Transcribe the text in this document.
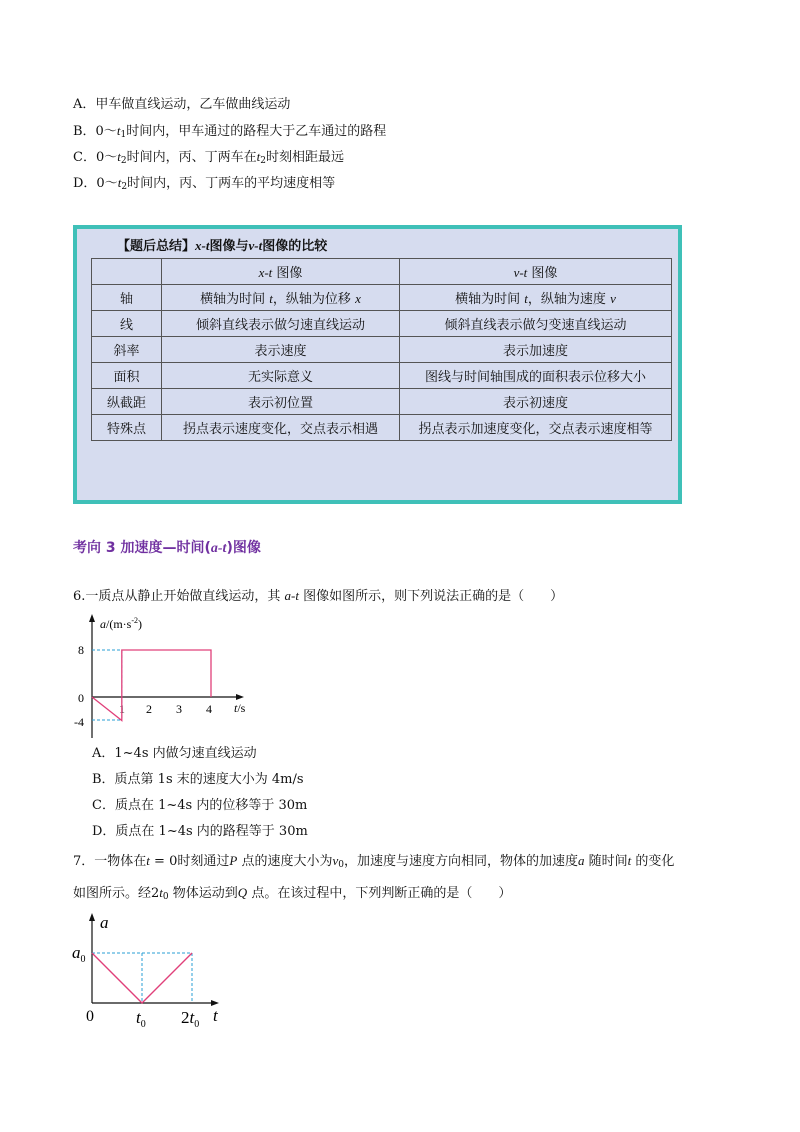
A．甲车做直线运动，乙车做曲线运动
B．$0\sim t_1$时间内，甲车通过的路程大于乙车通过的路程
C．$0\sim t_2$时间内，丙、丁两车在$t_2$时刻相距最远
D．$0\sim t_2$时间内，丙、丁两车的平均速度相等
【题后总结】x-t图像与v-t图像的比较
	x-t 图像	v-t 图像
轴	横轴为时间 t，纵轴为位移 x	横轴为时间 t，纵轴为速度 v
线	倾斜直线表示做匀速直线运动	倾斜直线表示做匀变速直线运动
斜率	表示速度	表示加速度
面积	无实际意义	图线与时间轴围成的面积表示位移大小
纵截距	表示初位置	表示初速度
特殊点	拐点表示速度变化，交点表示相遇	拐点表示加速度变化，交点表示速度相等
考向 3 加速度—时间(a-t)图像
6.一质点从静止开始做直线运动，其 a-t 图像如图所示，则下列说法正确的是（　　）
$a/(m\cdot s^{-2})$
t/s
8
0
-4
1 2 3 4
A．1~4s 内做匀速直线运动
B．质点第 1s 末的速度大小为 4m/s
C．质点在 1~4s 内的位移等于 30m
D．质点在 1~4s 内的路程等于 30m
7．一物体在t = 0时刻通过P 点的速度大小为$v_0$，加速度与速度方向相同，物体的加速度a 随时间t 的变化
如图所示。经$2t_0$ 物体运动到Q 点。在该过程中，下列判断正确的是（　　）
a
t
0
$a_0$
$t_0$ $2t_0$
